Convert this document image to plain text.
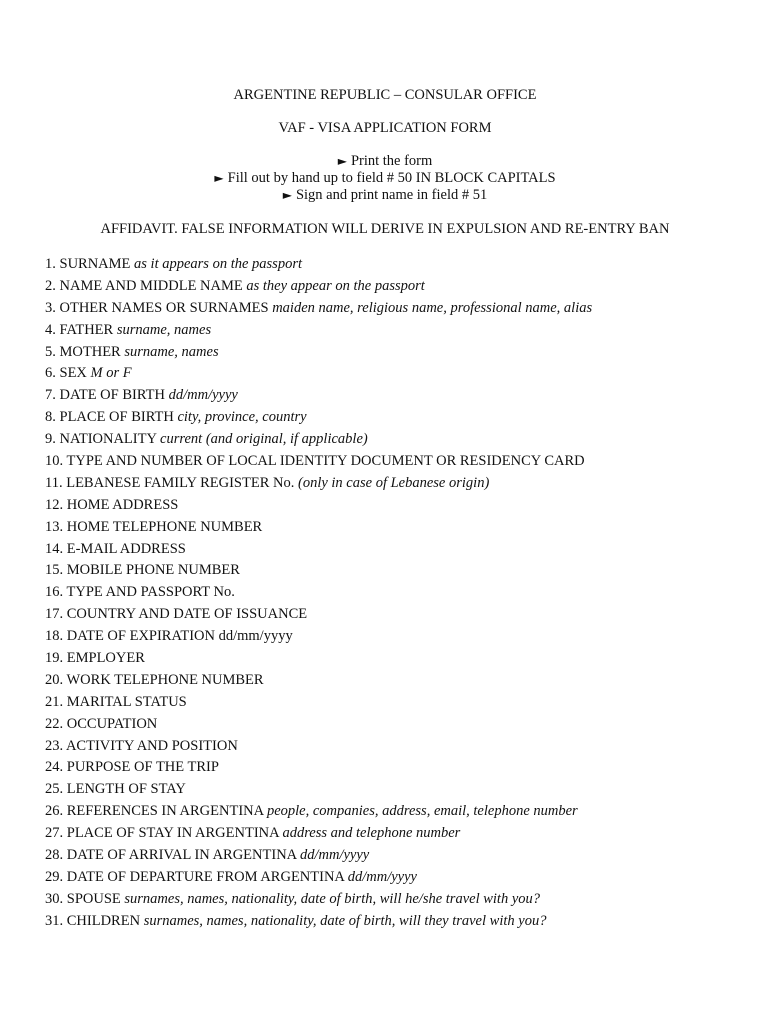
ARGENTINE REPUBLIC – CONSULAR OFFICE
VAF - VISA APPLICATION FORM
► Print the form
► Fill out by hand up to field # 50 IN BLOCK CAPITALS
► Sign and print name in field # 51
AFFIDAVIT. FALSE INFORMATION WILL DERIVE IN EXPULSION AND RE-ENTRY BAN
1. SURNAME as it appears on the passport
2. NAME AND MIDDLE NAME as they appear on the passport
3. OTHER NAMES OR SURNAMES maiden name, religious name, professional name, alias
4. FATHER surname, names
5. MOTHER surname, names
6. SEX M or F
7. DATE OF BIRTH dd/mm/yyyy
8. PLACE OF BIRTH city, province, country
9. NATIONALITY current (and original, if applicable)
10. TYPE AND NUMBER OF LOCAL IDENTITY DOCUMENT OR RESIDENCY CARD
11. LEBANESE FAMILY REGISTER No. (only in case of Lebanese origin)
12. HOME ADDRESS
13. HOME TELEPHONE NUMBER
14. E-MAIL ADDRESS
15. MOBILE PHONE NUMBER
16. TYPE AND PASSPORT No.
17. COUNTRY AND DATE OF ISSUANCE
18. DATE OF EXPIRATION dd/mm/yyyy
19. EMPLOYER
20. WORK TELEPHONE NUMBER
21. MARITAL STATUS
22. OCCUPATION
23. ACTIVITY AND POSITION
24. PURPOSE OF THE TRIP
25. LENGTH OF STAY
26. REFERENCES IN ARGENTINA people, companies, address, email, telephone number
27. PLACE OF STAY IN ARGENTINA address and telephone number
28. DATE OF ARRIVAL IN ARGENTINA dd/mm/yyyy
29. DATE OF DEPARTURE FROM ARGENTINA dd/mm/yyyy
30. SPOUSE surnames, names, nationality, date of birth, will he/she travel with you?
31. CHILDREN surnames, names, nationality, date of birth, will they travel with you?
